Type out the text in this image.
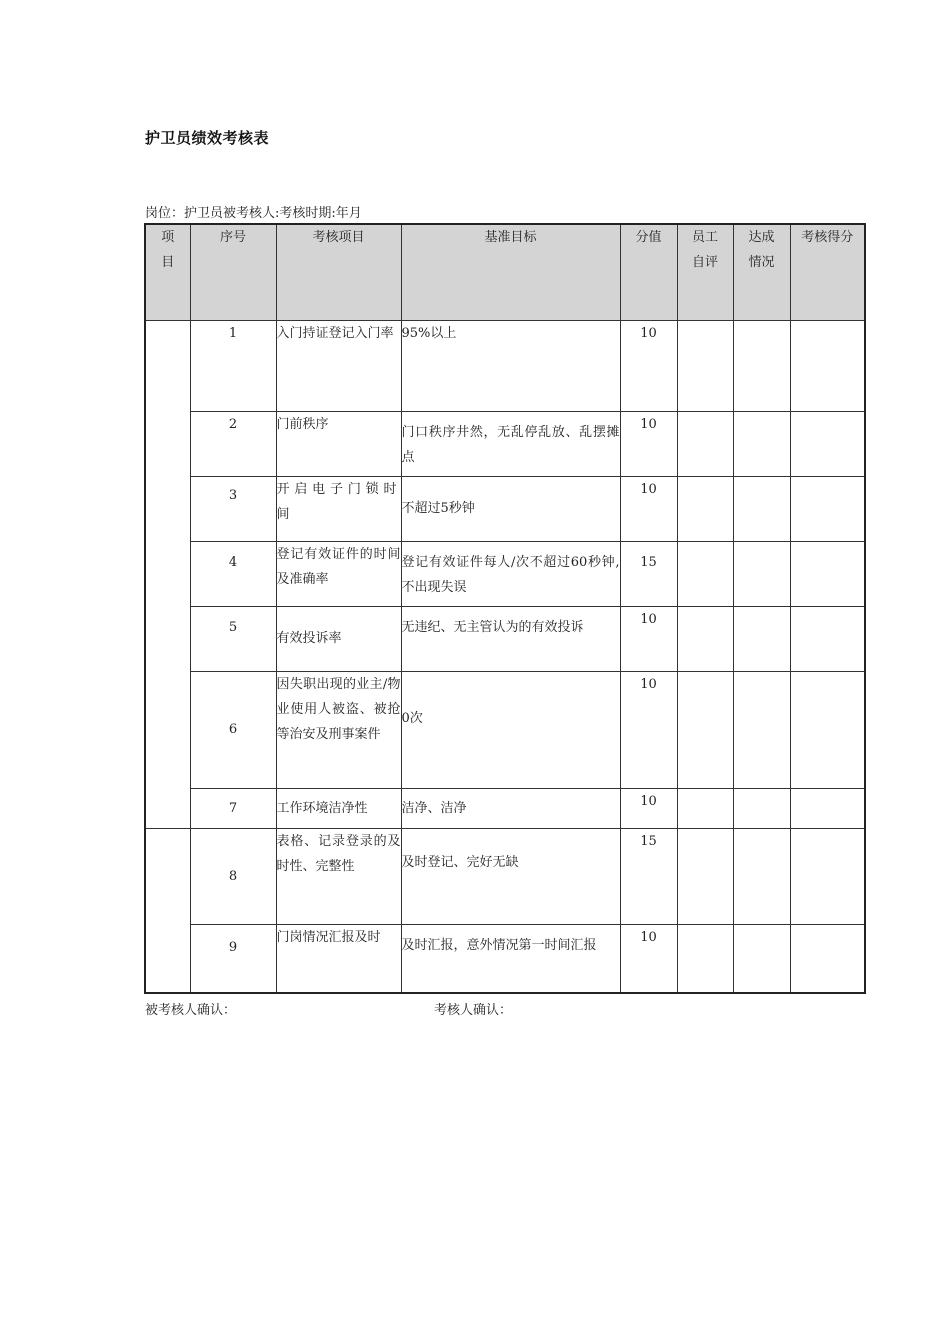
护卫员绩效考核表
岗位：护卫员被考核人:考核时期:年月
项目	序号	考核项目	基准目标	分值	员工自评	达成情况	考核得分
	1	入门持证登记入门率	95%以上	10			
	2	门前秩序	门口秩序井然，无乱停乱放、乱摆摊点	10			
	3	开启电子门锁时间	不超过5秒钟	10			
	4	登记有效证件的时间及准确率	登记有效证件每人/次不超过60秒钟,不出现失误	15			
	5	有效投诉率	无违纪、无主管认为的有效投诉	10			
	6	因失职出现的业主/物业使用人被盗、被抢等治安及刑事案件	0次	10			
	7	工作环境洁净性	洁净、洁净	10			
	8	表格、记录登录的及时性、完整性	及时登记、完好无缺	15			
	9	门岗情况汇报及时	及时汇报，意外情况第一时间汇报	10			
被考核人确认：	考核人确认：
